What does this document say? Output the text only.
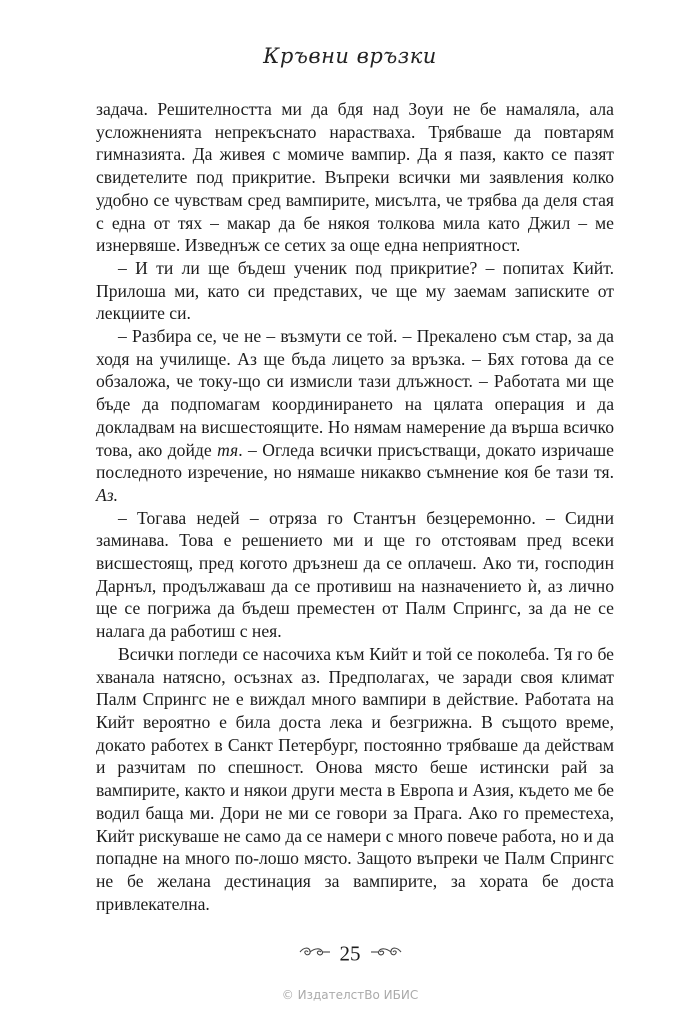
Кръвни връзки

задача. Решителността ми да бдя над Зоуи не бе намаляла, ала усложненията непрекъснато нарастваха. Трябваше да повтарям гимназията. Да живея с момиче вампир. Да я пазя, както се пазят свидетелите под прикритие. Въпреки всички ми заявления колко удобно се чувствам сред вампирите, мисълта, че трябва да деля стая с една от тях – макар да бе някоя толкова мила като Джил – ме изнервяше. Изведнъж се сетих за още една неприятност.

– И ти ли ще бъдеш ученик под прикритие? – попитах Кийт. Прилоша ми, като си представих, че ще му заемам записките от лекциите си.

– Разбира се, че не – възмути се той. – Прекалено съм стар, за да ходя на училище. Аз ще бъда лицето за връзка. – Бях готова да се обзаложа, че току-що си измисли тази длъжност. – Работата ми ще бъде да подпомагам координирането на цялата операция и да докладвам на висшестоящите. Но нямам намерение да върша всичко това, ако дойде тя. – Огледа всички присъстващи, докато изричаше последното изречение, но нямаше никакво съмнение коя бе тази тя. Аз.

– Тогава недей – отряза го Стантън безцеремонно. – Сидни заминава. Това е решението ми и ще го отстоявам пред всеки висшестоящ, пред когото дръзнеш да се оплачеш. Ако ти, господин Дарнъл, продължаваш да се противиш на назначението ѝ, аз лично ще се погрижа да бъдеш преместен от Палм Спрингс, за да не се налага да работиш с нея.

Всички погледи се насочиха към Кийт и той се поколеба. Тя го бе хванала натясно, осъзнах аз. Предполагах, че заради своя климат Палм Спрингс не е виждал много вампири в действие. Работата на Кийт вероятно е била доста лека и безгрижна. В същото време, докато работех в Санкт Петербург, постоянно трябваше да действам и разчитам по спешност. Онова място беше истински рай за вампирите, както и някои други места в Европа и Азия, където ме бе водил баща ми. Дори не ми се говори за Прага. Ако го преместеха, Кийт рискуваше не само да се намери с много повече работа, но и да попадне на много по-лошо място. Защото въпреки че Палм Спрингс не бе желана дестинация за вампирите, за хората бе доста привлекателна.

25
© ИздателстВо ИБИС
